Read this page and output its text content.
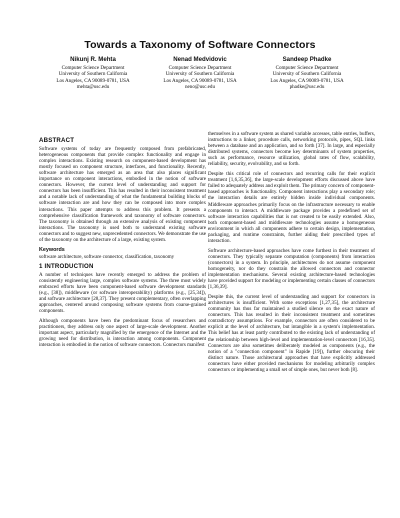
Towards a Taxonomy of Software Connectors
Nikunj R. Mehta
Computer Science Department
University of Southern California
Los Angeles, CA 90089-0781, USA
mehta@usc.edu
Nenad Medvidovic
Computer Science Department
University of Southern California
Los Angeles, CA 90089-0781, USA
neno@usc.edu
Sandeep Phadke
Computer Science Department
University of Southern California
Los Angeles, CA 90089-0781, USA
phadke@usc.edu
ABSTRACT

Software systems of today are frequently composed from prefabricated, heterogeneous components that provide complex functionality and engage in complex interactions. Existing research on component-based development has mostly focused on component structure, interfaces, and functionality. Recently, software architecture has emerged as an area that also places significant importance on component interactions, embodied in the notion of software connectors. However, the current level of understanding and support for connectors has been insufficient. This has resulted in their inconsistent treatment and a notable lack of understanding of what the fundamental building blocks of software interaction are and how they can be composed into more complex interactions. This paper attempts to address this problem. It presents a comprehensive classification framework and taxonomy of software connectors. The taxonomy is obtained through an extensive analysis of existing component interactions. The taxonomy is used both to understand existing software connectors and to suggest new, unprecedented connectors. We demonstrate the use of the taxonomy on the architecture of a large, existing system.

Keywords

software architecture, software connector, classification, taxonomy

1 INTRODUCTION

A number of techniques have recently emerged to address the problem of consistently engineering large, complex software systems. The three most widely embraced efforts have been component-based software development standards (e.g., [38]), middleware (or software interoperability) platforms (e.g., [25,34]), and software architecture [28,37]. They present complementary, often overlapping approaches, centered around composing software systems from coarse-grained components.

Although components have been the predominant focus of researchers and practitioners, they address only one aspect of large-scale development. Another important aspect, particularly magnified by the emergence of the Internet and the growing need for distribution, is interaction among components. Component interaction is embodied in the notion of software connectors. Connectors manifest

themselves in a software system as shared variable accesses, table entries, buffers, instructions to a linker, procedure calls, networking protocols, pipes, SQL links between a database and an application, and so forth [37]. In large, and especially distributed systems, connectors become key determinants of system properties, such as performance, resource utilization, global rates of flow, scalability, reliability, security, evolvability, and so forth.

Despite this critical role of connectors and recurring calls for their explicit treatment [1,6,35,36], the large-scale development efforts discussed above have failed to adequately address and exploit them. The primary concern of component-based approaches is functionality. Component interactions play a secondary role; the interaction details are entirely hidden inside individual components. Middleware approaches primarily focus on the infrastructure necessary to enable components to interact. A middleware package provides a predefined set of software interaction capabilities that is not created to be easily extended. Also, both component-based and middleware technologies assume a homogeneous environment in which all components adhere to certain design, implementation, packaging, and runtime constraints, further aiding their prescribed types of interaction.

Software architecture-based approaches have come furthest in their treatment of connectors. They typically separate computation (components) from interaction (connectors) in a system. In principle, architectures do not assume component homogeneity, nor do they constrain the allowed connectors and connector implementation mechanisms. Several existing architecture-based technologies have provided support for modeling or implementing certain classes of connectors [1,36,39].

Despite this, the current level of understanding and support for connectors in architectures is insufficient. With some exceptions [1,27,35], the architecture community has thus far maintained a studied silence on the exact nature of connectors. This has resulted in their inconsistent treatment and sometimes contradictory assumptions. For example, connectors are often considered to be explicit at the level of architecture, but intangible in a system's implementation. This belief has at least partly contributed to the existing lack of understanding of the relationship between high-level and implementation-level connectors [16,35]. Connectors are also sometimes deliberately modeled as components (e.g., the notion of a "connection component" in Rapide [19]), further obscuring their distinct nature. Those architectural approaches that have explicitly addressed connectors have either provided mechanisms for modeling arbitrarily complex connectors or implementing a small set of simple ones, but never both [8].
